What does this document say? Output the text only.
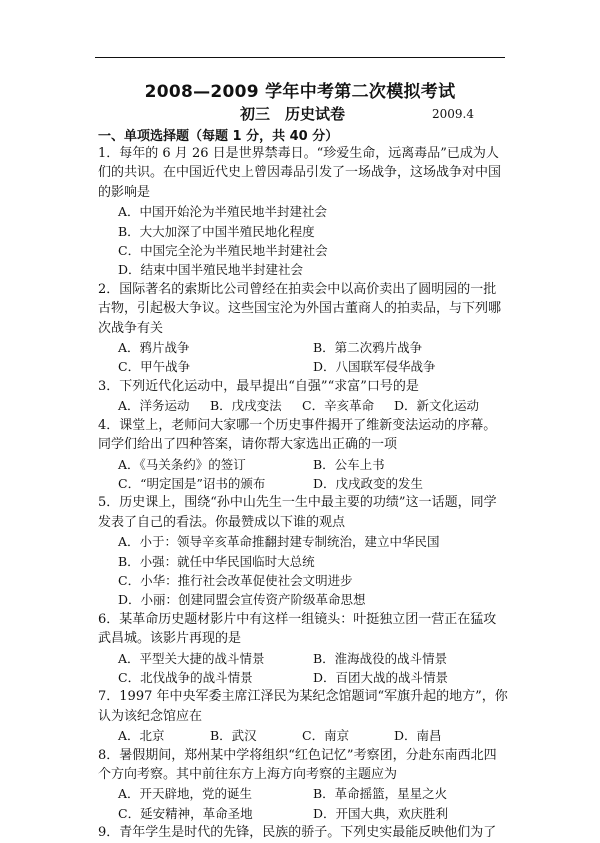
2008—2009 学年中考第二次模拟考试
初三　历史试卷	2009.4
一、单项选择题（每题 1 分，共 40 分）

1．每年的 6 月 26 日是世界禁毒日。“珍爱生命，远离毒品”已成为人们的共识。在中国近代史上曾因毒品引发了一场战争，这场战争对中国的影响是

A．中国开始沦为半殖民地半封建社会
B．大大加深了中国半殖民地化程度
C．中国完全沦为半殖民地半封建社会
D．结束中国半殖民地半封建社会

2．国际著名的索斯比公司曾经在拍卖会中以高价卖出了圆明园的一批古物，引起极大争议。这些国宝沦为外国古董商人的拍卖品，与下列哪次战争有关

A．鸦片战争	B．第二次鸦片战争
C．甲午战争	D．八国联军侵华战争

3．下列近代化运动中，最早提出“自强”“求富”口号的是

A．洋务运动	B．戊戌变法	C．辛亥革命	D．新文化运动

4．课堂上，老师问大家哪一个历史事件揭开了维新变法运动的序幕。同学们给出了四种答案，请你帮大家选出正确的一项

A．《马关条约》的签订	B．公车上书
C．“明定国是”诏书的颁布	D．戊戌政变的发生

5．历史课上，围绕“孙中山先生一生中最主要的功绩”这一话题，同学发表了自己的看法。你最赞成以下谁的观点

A．小于：领导辛亥革命推翻封建专制统治，建立中华民国
B．小强：就任中华民国临时大总统
C．小华：推行社会改革促使社会文明进步
D．小丽：创建同盟会宣传资产阶级革命思想

6．某革命历史题材影片中有这样一组镜头：叶挺独立团一营正在猛攻武昌城。该影片再现的是

A．平型关大捷的战斗情景	B．淮海战役的战斗情景
C．北伐战争的战斗情景	D．百团大战的战斗情景

7．1997 年中央军委主席江泽民为某纪念馆题词“军旗升起的地方”，你认为该纪念馆应在

A．北京	B．武汉	C．南京	D．南昌

8．暑假期间，郑州某中学将组织“红色记忆”考察团，分赴东南西北四个方向考察。其中前往东方上海方向考察的主题应为

A．开天辟地，党的诞生	B．革命摇篮，星星之火
C．延安精神，革命圣地	D．开国大典，欢庆胜利

9．青年学生是时代的先锋，民族的骄子。下列史实最能反映他们为了
